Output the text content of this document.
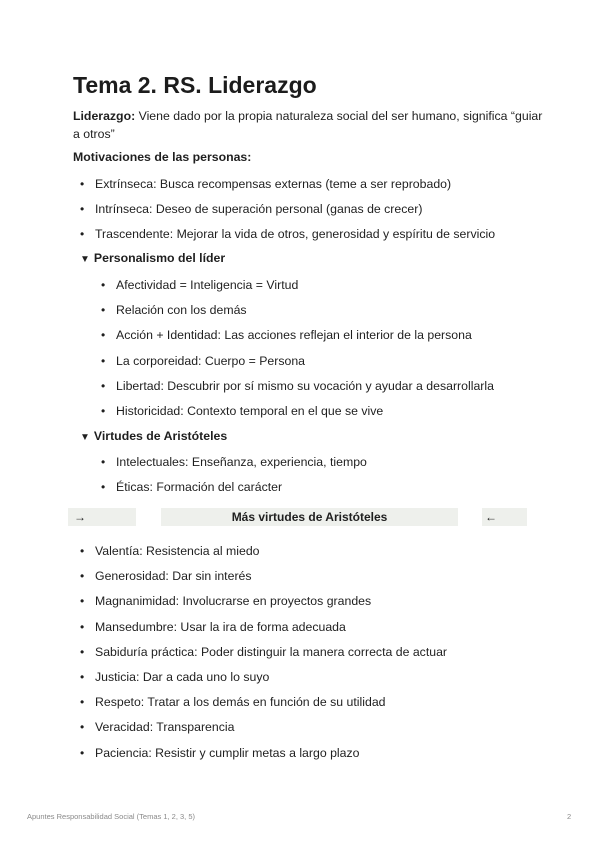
Tema 2. RS. Liderazgo

Liderazgo: Viene dado por la propia naturaleza social del ser humano, significa “guiar a otros”

Motivaciones de las personas:

• Extrínseca: Busca recompensas externas (teme a ser reprobado)
• Intrínseca: Deseo de superación personal (ganas de crecer)
• Trascendente: Mejorar la vida de otros, generosidad y espíritu de servicio
▼ Personalismo del líder
• Afectividad = Inteligencia = Virtud
• Relación con los demás
• Acción + Identidad: Las acciones reflejan el interior de la persona
• La corporeidad: Cuerpo = Persona
• Libertad: Descubrir por sí mismo su vocación y ayudar a desarrollarla
• Historicidad: Contexto temporal en el que se vive
▼ Virtudes de Aristóteles
• Intelectuales: Enseñanza, experiencia, tiempo
• Éticas: Formación del carácter
→	Más virtudes de Aristóteles	←
• Valentía: Resistencia al miedo
• Generosidad: Dar sin interés
• Magnanimidad: Involucrarse en proyectos grandes
• Mansedumbre: Usar la ira de forma adecuada
• Sabiduría práctica: Poder distinguir la manera correcta de actuar
• Justicia: Dar a cada uno lo suyo
• Respeto: Tratar a los demás en función de su utilidad
• Veracidad: Transparencia
• Paciencia: Resistir y cumplir metas a largo plazo
Apuntes Responsabilidad Social (Temas 1, 2, 3, 5)	2
